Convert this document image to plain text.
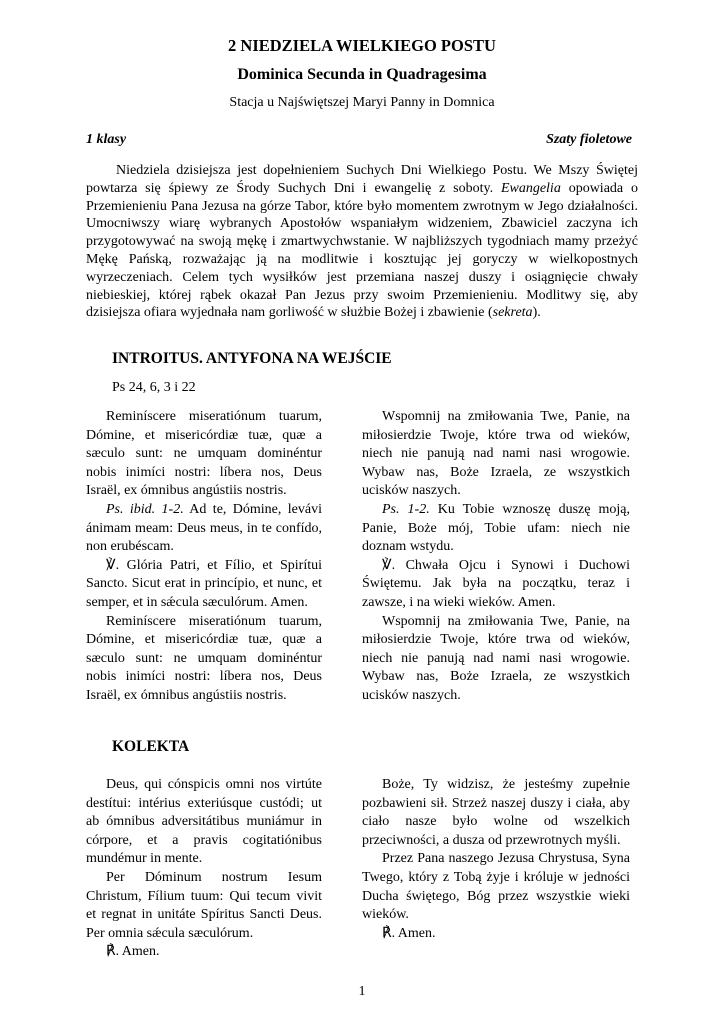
2 NIEDZIELA WIELKIEGO POSTU
Dominica Secunda in Quadragesima
Stacja u Najświętszej Maryi Panny in Domnica
1 klasy	Szaty fioletowe

Niedziela dzisiejsza jest dopełnieniem Suchych Dni Wielkiego Postu. We Mszy Świętej powtarza się śpiewy ze Środy Suchych Dni i ewangelię z soboty. Ewangelia opowiada o Przemienieniu Pana Jezusa na górze Tabor, które było momentem zwrotnym w Jego działalności. Umocniwszy wiarę wybranych Apostołów wspaniałym widzeniem, Zbawiciel zaczyna ich przygotowywać na swoją mękę i zmartwychwstanie. W najbliższych tygodniach mamy przeżyć Mękę Pańską, rozważając ją na modlitwie i kosztując jej goryczy w wielkopostnych wyrzeczeniach. Celem tych wysiłków jest przemiana naszej duszy i osiągnięcie chwały niebieskiej, której rąbek okazał Pan Jezus przy swoim Przemienieniu. Modlitwy się, aby dzisiejsza ofiara wyjednała nam gorliwość w służbie Bożej i zbawienie (sekreta).

INTROITUS. ANTYFONA NA WEJŚCIE
Ps 24, 6, 3 i 22

Reminíscere miseratiónum tuarum, Dómine, et misericórdiæ tuæ, quæ a sæculo sunt: ne umquam dominéntur nobis inimíci nostri: líbera nos, Deus Israël, ex ómnibus angústiis nostris.

Ps. ibid. 1-2. Ad te, Dómine, levávi ánimam meam: Deus meus, in te confído, non erubéscam.

℣. Glória Patri, et Fílio, et Spirítui Sancto. Sicut erat in princípio, et nunc, et semper, et in sǽcula sæculórum. Amen.

Reminíscere miseratiónum tuarum, Dómine, et misericórdiæ tuæ, quæ a sæculo sunt: ne umquam dominéntur nobis inimíci nostri: líbera nos, Deus Israël, ex ómnibus angústiis nostris.

Wspomnij na zmiłowania Twe, Panie, na miłosierdzie Twoje, które trwa od wieków, niech nie panują nad nami nasi wrogowie. Wybaw nas, Boże Izraela, ze wszystkich ucisków naszych.

Ps. 1-2. Ku Tobie wznoszę duszę moją, Panie, Boże mój, Tobie ufam: niech nie doznam wstydu.

℣. Chwała Ojcu i Synowi i Duchowi Świętemu. Jak była na początku, teraz i zawsze, i na wieki wieków. Amen.

Wspomnij na zmiłowania Twe, Panie, na miłosierdzie Twoje, które trwa od wieków, niech nie panują nad nami nasi wrogowie. Wybaw nas, Boże Izraela, ze wszystkich ucisków naszych.

KOLEKTA

Deus, qui cónspicis omni nos virtúte destítui: intérius exteriúsque custódi; ut ab ómnibus adversitátibus muniámur in córpore, et a pravis cogitatiónibus mundémur in mente.

Per Dóminum nostrum Iesum Christum, Fílium tuum: Qui tecum vivit et regnat in unitáte Spíritus Sancti Deus. Per omnia sǽcula sæculórum.

℟. Amen.

Boże, Ty widzisz, że jesteśmy zupełnie pozbawieni sił. Strzeż naszej duszy i ciała, aby ciało nasze było wolne od wszelkich przeciwności, a dusza od przewrotnych myśli.

Przez Pana naszego Jezusa Chrystusa, Syna Twego, który z Tobą żyje i króluje w jedności Ducha świętego, Bóg przez wszystkie wieki wieków.

℟. Amen.

1
